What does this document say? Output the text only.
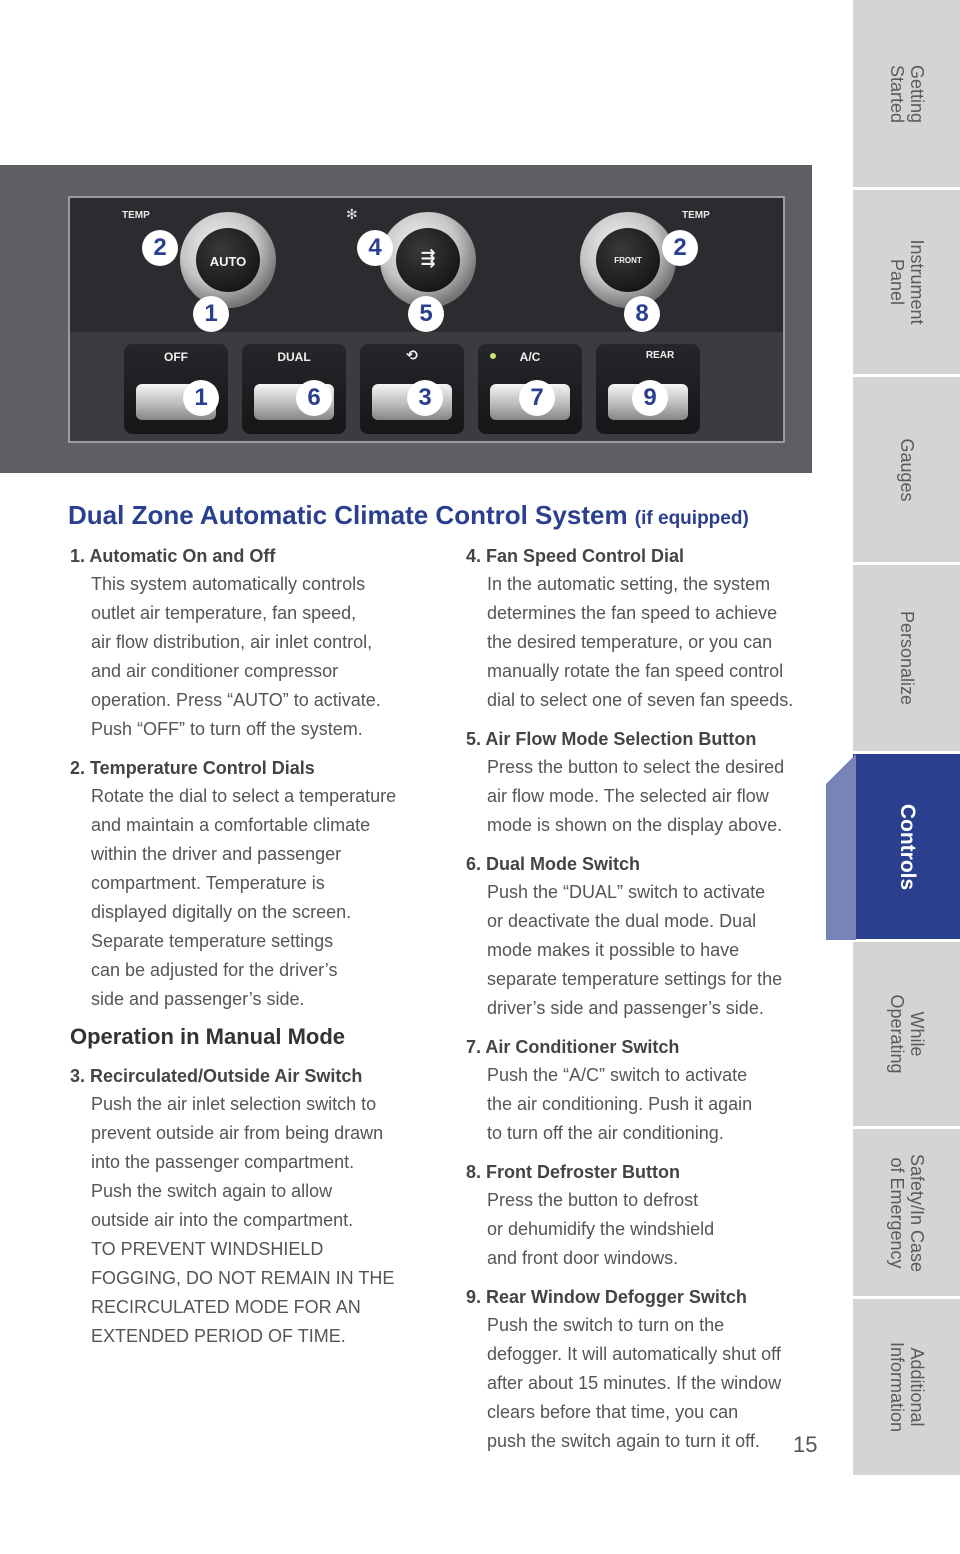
Getting
Started
Instrument
Panel
Gauges
Personalize
Controls
While
Operating
Safety/In Case
of Emergency
Additional
Information
TEMP	✻	TEMP
AUTO	⇶	FRONT
OFF	DUAL	⟲	A/C	REAR
2	4	2
1	5	8
1	6	3	7	9
Dual Zone Automatic Climate Control System (if equipped)
1. Automatic On and Off
This system automatically controls
outlet air temperature, fan speed,
air flow distribution, air inlet control,
and air conditioner compressor
operation. Press “AUTO” to activate.
Push “OFF” to turn off the system.
2. Temperature Control Dials
Rotate the dial to select a temperature
and maintain a comfortable climate
within the driver and passenger
compartment. Temperature is
displayed digitally on the screen.
Separate temperature settings
can be adjusted for the driver’s
side and passenger’s side.
Operation in Manual Mode
3. Recirculated/Outside Air Switch
Push the air inlet selection switch to
prevent outside air from being drawn
into the passenger compartment.
Push the switch again to allow
outside air into the compartment.
TO PREVENT WINDSHIELD
FOGGING, DO NOT REMAIN IN THE
RECIRCULATED MODE FOR AN
EXTENDED PERIOD OF TIME.
4. Fan Speed Control Dial
In the automatic setting, the system
determines the fan speed to achieve
the desired temperature, or you can
manually rotate the fan speed control
dial to select one of seven fan speeds.
5. Air Flow Mode Selection Button
Press the button to select the desired
air flow mode. The selected air flow
mode is shown on the display above.
6. Dual Mode Switch
Push the “DUAL” switch to activate
or deactivate the dual mode. Dual
mode makes it possible to have
separate temperature settings for the
driver’s side and passenger’s side.
7. Air Conditioner Switch
Push the “A/C” switch to activate
the air conditioning. Push it again
to turn off the air conditioning.
8. Front Defroster Button
Press the button to defrost
or dehumidify the windshield
and front door windows.
9. Rear Window Defogger Switch
Push the switch to turn on the
defogger. It will automatically shut off
after about 15 minutes. If the window
clears before that time, you can
push the switch again to turn it off.	15
